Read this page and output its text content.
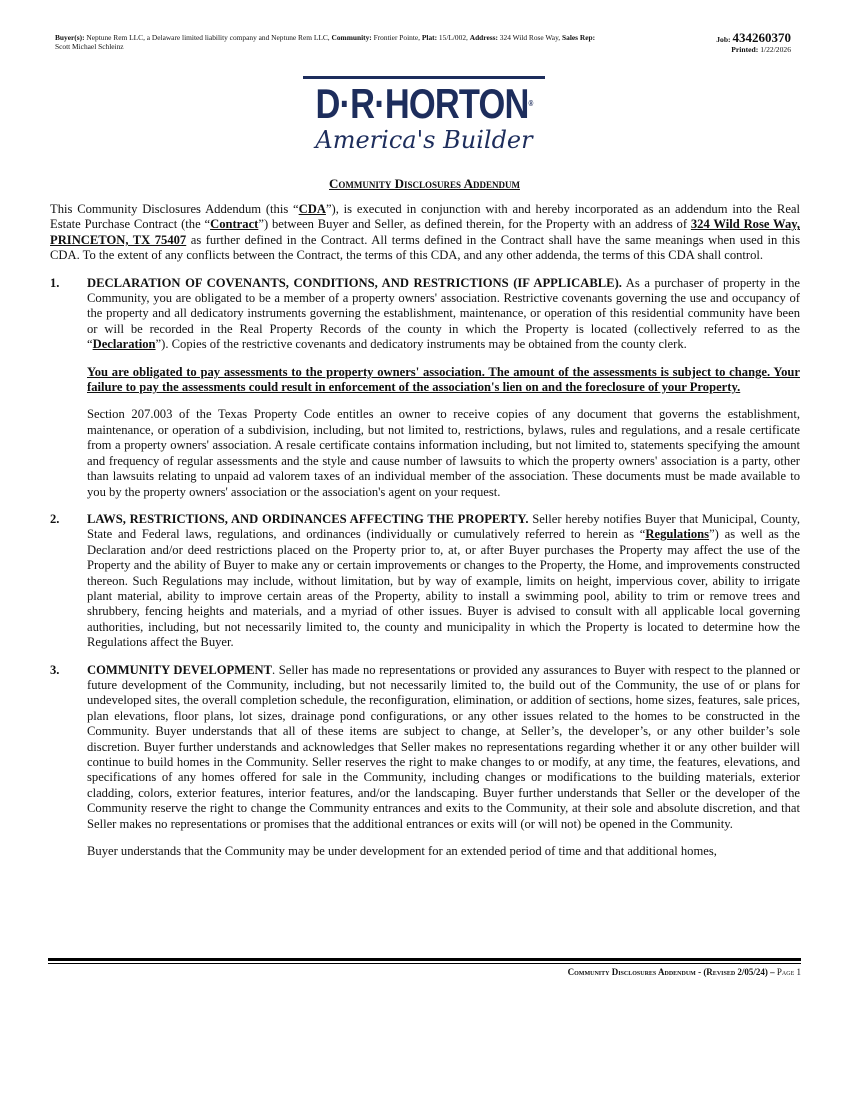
Buyer(s): Neptune Rem LLC, a Delaware limited liability company and Neptune Rem LLC, Community: Frontier Pointe, Plat: 15/L/002, Address: 324 Wild Rose Way, Sales Rep:
Scott Michael Schleinz
Job: 434260370
Printed: 1/22/2026
D·R·HORTON®
America's Builder
Community Disclosures Addendum

This Community Disclosures Addendum (this “CDA”), is executed in conjunction with and hereby incorporated as an addendum into the Real Estate Purchase Contract (the “Contract”) between Buyer and Seller, as defined therein, for the Property with an address of 324 Wild Rose Way, PRINCETON, TX 75407 as further defined in the Contract. All terms defined in the Contract shall have the same meanings when used in this CDA. To the extent of any conflicts between the Contract, the terms of this CDA, and any other addenda, the terms of this CDA shall control.

1.	DECLARATION OF COVENANTS, CONDITIONS, AND RESTRICTIONS (IF APPLICABLE). As a purchaser of property in the Community, you are obligated to be a member of a property owners' association. Restrictive covenants governing the use and occupancy of the property and all dedicatory instruments governing the establishment, maintenance, or operation of this residential community have been or will be recorded in the Real Property Records of the county in which the Property is located (collectively referred to as the “Declaration”). Copies of the restrictive covenants and dedicatory instruments may be obtained from the county clerk.

You are obligated to pay assessments to the property owners' association. The amount of the assessments is subject to change. Your failure to pay the assessments could result in enforcement of the association's lien on and the foreclosure of your Property.

Section 207.003 of the Texas Property Code entitles an owner to receive copies of any document that governs the establishment, maintenance, or operation of a subdivision, including, but not limited to, restrictions, bylaws, rules and regulations, and a resale certificate from a property owners' association. A resale certificate contains information including, but not limited to, statements specifying the amount and frequency of regular assessments and the style and cause number of lawsuits to which the property owners' association is a party, other than lawsuits relating to unpaid ad valorem taxes of an individual member of the association. These documents must be made available to you by the property owners' association or the association's agent on your request.

2.	LAWS, RESTRICTIONS, AND ORDINANCES AFFECTING THE PROPERTY. Seller hereby notifies Buyer that Municipal, County, State and Federal laws, regulations, and ordinances (individually or cumulatively referred to herein as “Regulations”) as well as the Declaration and/or deed restrictions placed on the Property prior to, at, or after Buyer purchases the Property may affect the use of the Property and the ability of Buyer to make any or certain improvements or changes to the Property, the Home, and improvements constructed thereon. Such Regulations may include, without limitation, but by way of example, limits on height, impervious cover, ability to irrigate plant material, ability to improve certain areas of the Property, ability to install a swimming pool, ability to trim or remove trees and shrubbery, fencing heights and materials, and a myriad of other issues. Buyer is advised to consult with all applicable local governing authorities, including, but not necessarily limited to, the county and municipality in which the Property is located to determine how the Regulations affect the Buyer.

3.	COMMUNITY DEVELOPMENT. Seller has made no representations or provided any assurances to Buyer with respect to the planned or future development of the Community, including, but not necessarily limited to, the build out of the Community, the use of or plans for undeveloped sites, the overall completion schedule, the reconfiguration, elimination, or addition of sections, home sizes, features, sale prices, plan elevations, floor plans, lot sizes, drainage pond configurations, or any other issues related to the homes to be constructed in the Community. Buyer understands that all of these items are subject to change, at Seller’s, the developer’s, or any other builder’s sole discretion. Buyer further understands and acknowledges that Seller makes no representations regarding whether it or any other builder will continue to build homes in the Community. Seller reserves the right to make changes to or modify, at any time, the features, elevations, and specifications of any homes offered for sale in the Community, including changes or modifications to the building materials, exterior cladding, colors, exterior features, interior features, and/or the landscaping. Buyer further understands that Seller or the developer of the Community reserve the right to change the Community entrances and exits to the Community, at their sole and absolute discretion, and that Seller makes no representations or promises that the additional entrances or exits will (or will not) be opened in the Community.

Buyer understands that the Community may be under development for an extended period of time and that additional homes,

Community Disclosures Addendum - (Revised 2/05/24) – Page 1
